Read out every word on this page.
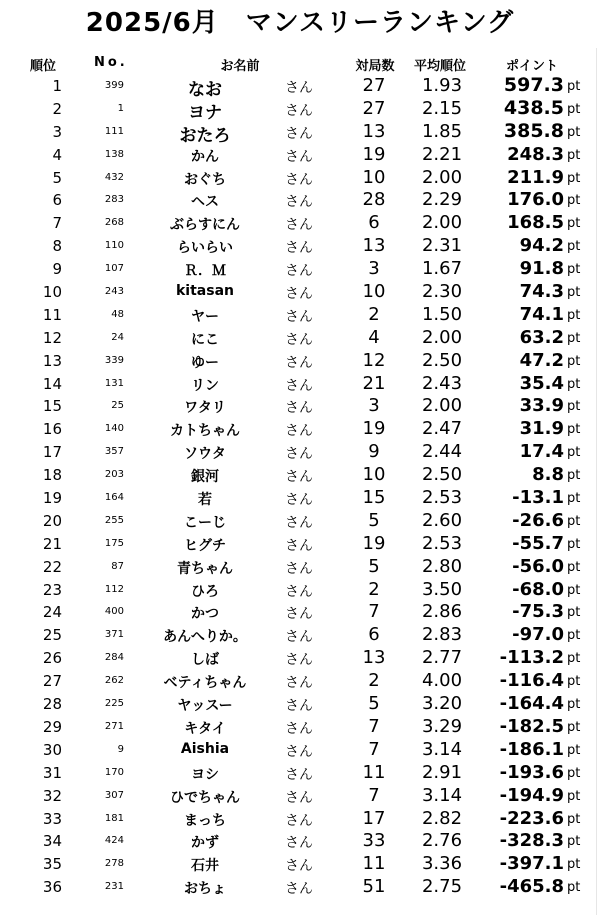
2025/6月　マンスリーランキング
順位	No.	お名前	対局数	平均順位	ポイント
1	399	なお	さん	27	1.93	597.3 pt
2	1	ヨナ	さん	27	2.15	438.5 pt
3	111	おたろ	さん	13	1.85	385.8 pt
4	138	かん	さん	19	2.21	248.3 pt
5	432	おぐち	さん	10	2.00	211.9 pt
6	283	ヘス	さん	28	2.29	176.0 pt
7	268	ぶらすにん	さん	6	2.00	168.5 pt
8	110	らいらい	さん	13	2.31	94.2 pt
9	107	Ｒ．Ｍ	さん	3	1.67	91.8 pt
10	243	kitasan	さん	10	2.30	74.3 pt
11	48	ヤー	さん	2	1.50	74.1 pt
12	24	にこ	さん	4	2.00	63.2 pt
13	339	ゆー	さん	12	2.50	47.2 pt
14	131	リン	さん	21	2.43	35.4 pt
15	25	ワタリ	さん	3	2.00	33.9 pt
16	140	カトちゃん	さん	19	2.47	31.9 pt
17	357	ソウタ	さん	9	2.44	17.4 pt
18	203	銀河	さん	10	2.50	8.8 pt
19	164	若	さん	15	2.53	-13.1 pt
20	255	こーじ	さん	5	2.60	-26.6 pt
21	175	ヒグチ	さん	19	2.53	-55.7 pt
22	87	青ちゃん	さん	5	2.80	-56.0 pt
23	112	ひろ	さん	2	3.50	-68.0 pt
24	400	かつ	さん	7	2.86	-75.3 pt
25	371	あんへりか。	さん	6	2.83	-97.0 pt
26	284	しば	さん	13	2.77	-113.2 pt
27	262	ベティちゃん	さん	2	4.00	-116.4 pt
28	225	ヤッスー	さん	5	3.20	-164.4 pt
29	271	キタイ	さん	7	3.29	-182.5 pt
30	9	Aishia	さん	7	3.14	-186.1 pt
31	170	ヨシ	さん	11	2.91	-193.6 pt
32	307	ひでちゃん	さん	7	3.14	-194.9 pt
33	181	まっち	さん	17	2.82	-223.6 pt
34	424	かず	さん	33	2.76	-328.3 pt
35	278	石井	さん	11	3.36	-397.1 pt
36	231	おちょ	さん	51	2.75	-465.8 pt
